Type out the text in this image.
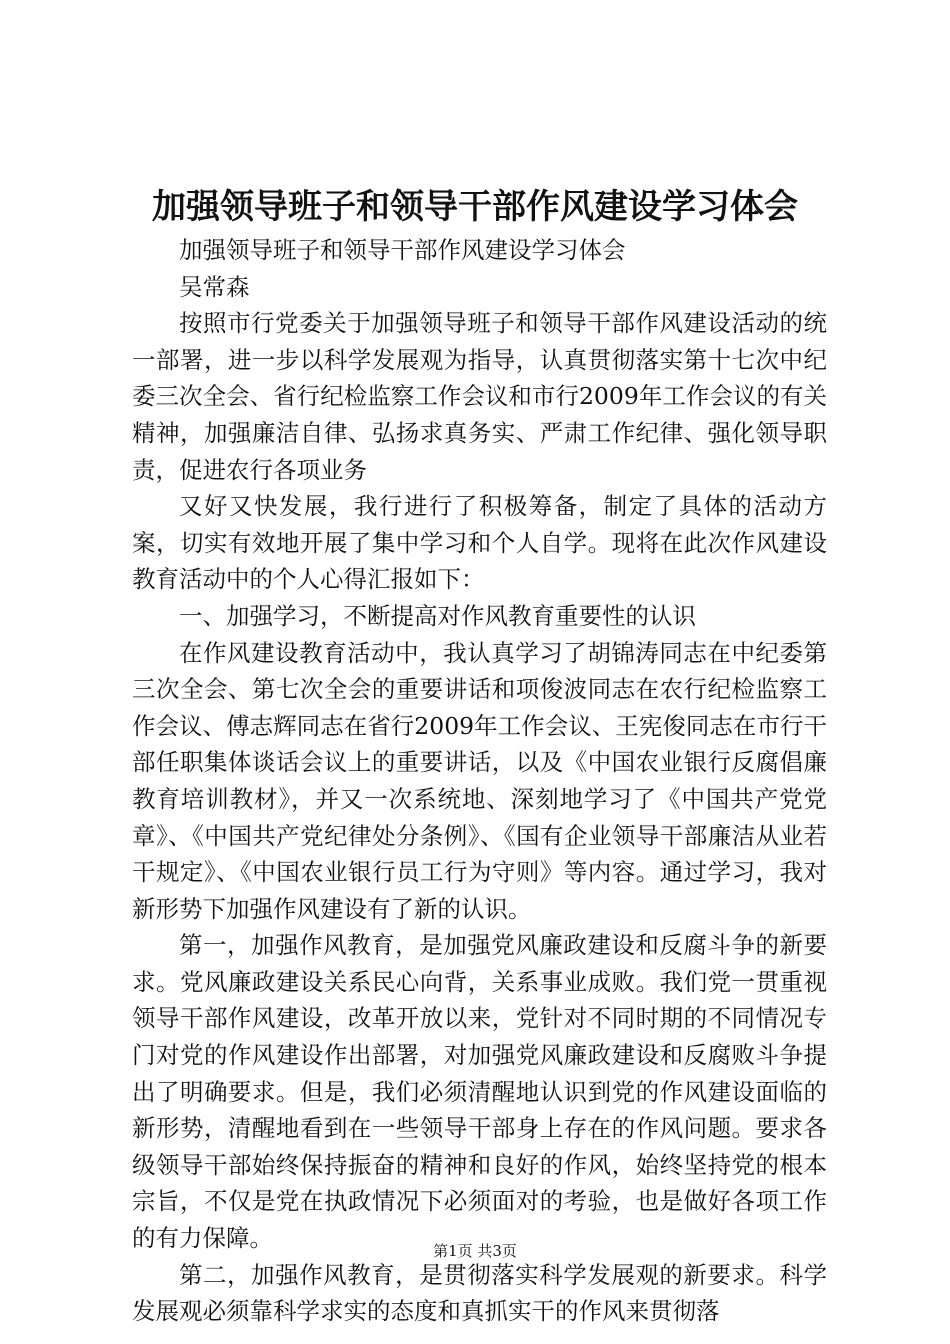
加强领导班子和领导干部作风建设学习体会

加强领导班子和领导干部作风建设学习体会

吴常森

按照市行党委关于加强领导班子和领导干部作风建设活动的统一部署，进一步以科学发展观为指导，认真贯彻落实第十七次中纪委三次全会、省行纪检监察工作会议和市行2009年工作会议的有关精神，加强廉洁自律、弘扬求真务实、严肃工作纪律、强化领导职责，促进农行各项业务

又好又快发展，我行进行了积极筹备，制定了具体的活动方案，切实有效地开展了集中学习和个人自学。现将在此次作风建设教育活动中的个人心得汇报如下：

一、加强学习，不断提高对作风教育重要性的认识

在作风建设教育活动中，我认真学习了胡锦涛同志在中纪委第三次全会、第七次全会的重要讲话和项俊波同志在农行纪检监察工作会议、傅志辉同志在省行2009年工作会议、王宪俊同志在市行干部任职集体谈话会议上的重要讲话，以及《中国农业银行反腐倡廉教育培训教材》，并又一次系统地、深刻地学习了《中国共产党党章》、《中国共产党纪律处分条例》、《国有企业领导干部廉洁从业若干规定》、《中国农业银行员工行为守则》等内容。通过学习，我对新形势下加强作风建设有了新的认识。

第一，加强作风教育，是加强党风廉政建设和反腐斗争的新要求。党风廉政建设关系民心向背，关系事业成败。我们党一贯重视领导干部作风建设，改革开放以来，党针对不同时期的不同情况专门对党的作风建设作出部署，对加强党风廉政建设和反腐败斗争提出了明确要求。但是，我们必须清醒地认识到党的作风建设面临的新形势，清醒地看到在一些领导干部身上存在的作风问题。要求各级领导干部始终保持振奋的精神和良好的作风，始终坚持党的根本宗旨，不仅是党在执政情况下必须面对的考验，也是做好各项工作的有力保障。

第二，加强作风教育，是贯彻落实科学发展观的新要求。科学发展观必须靠科学求实的态度和真抓实干的作风来贯彻落

第1页 共3页
